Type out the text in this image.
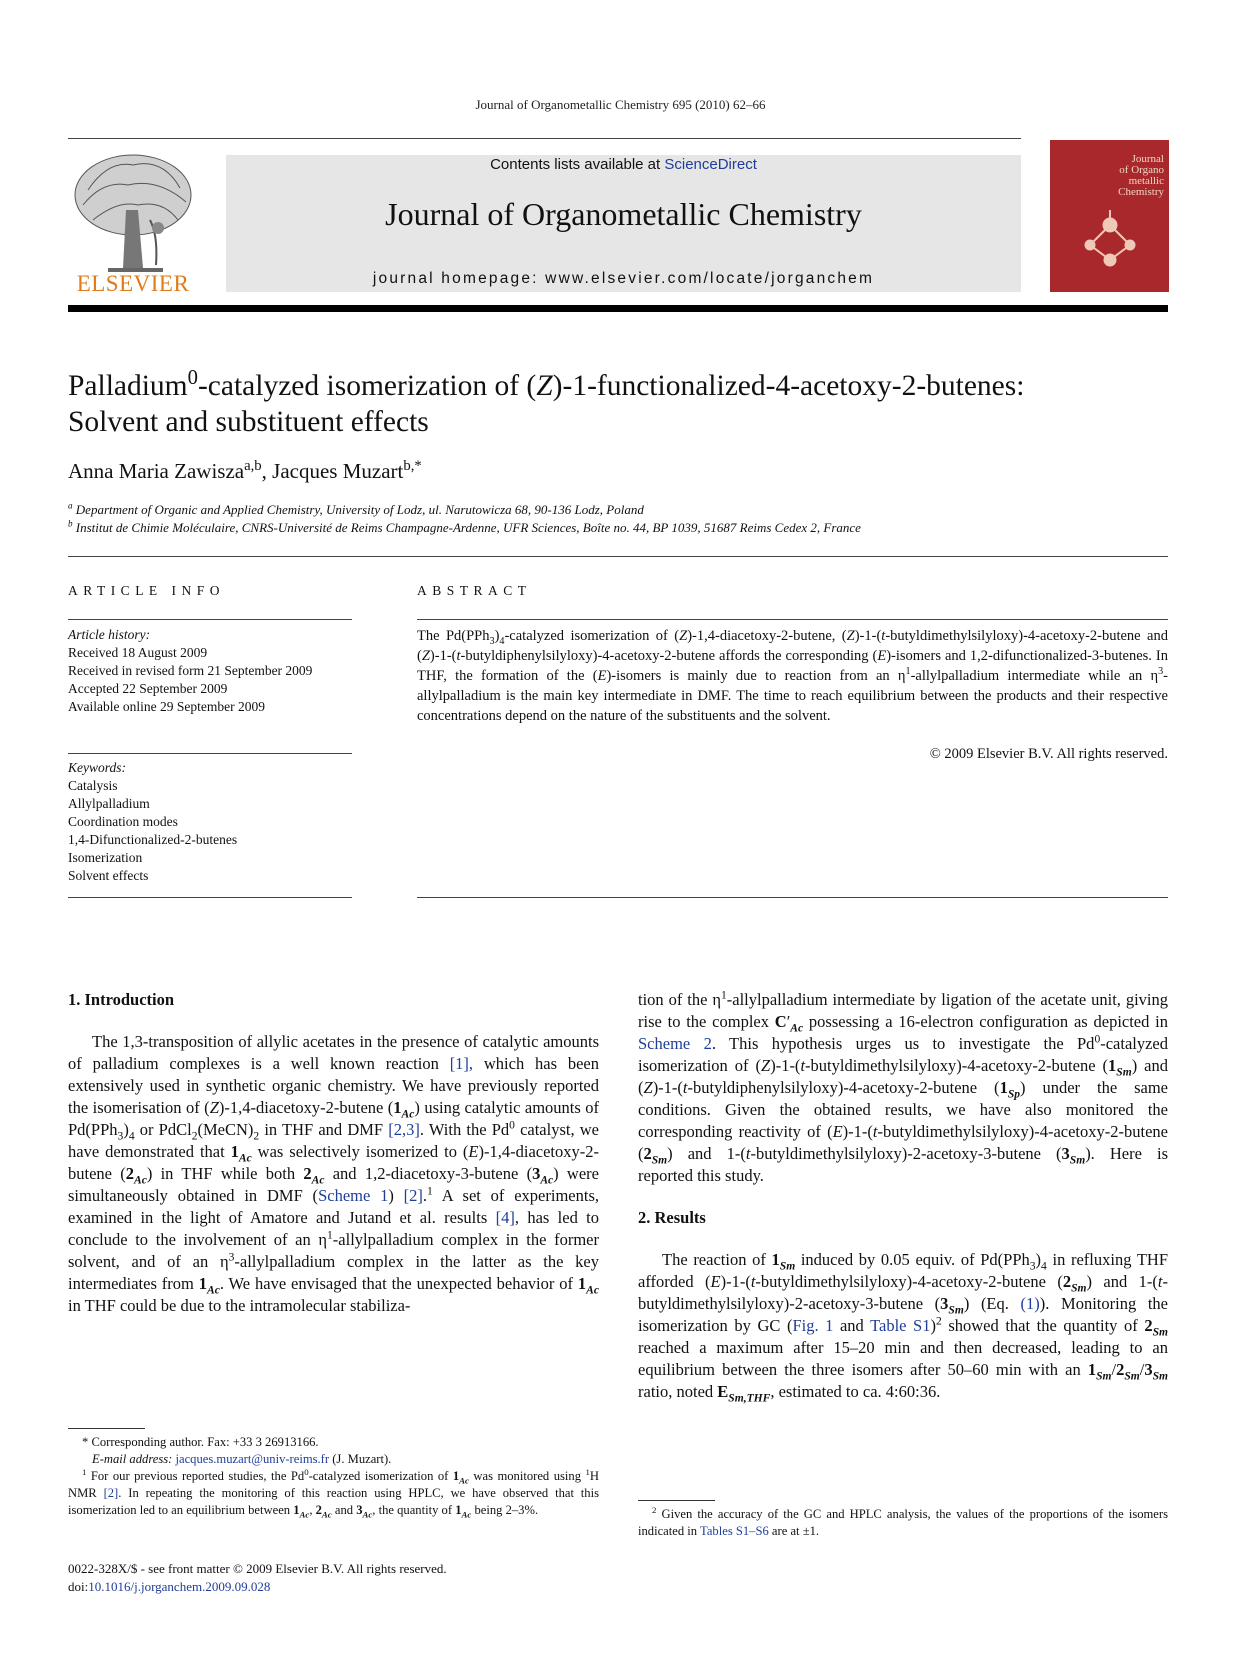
Journal of Organometallic Chemistry 695 (2010) 62–66
ELSEVIER
Contents lists available at ScienceDirect
Journal of Organometallic Chemistry
journal homepage: www.elsevier.com/locate/jorganchem
Journal
of Organo
metallic
Chemistry
Palladium$^0$-catalyzed isomerization of (Z)-1-functionalized-4-acetoxy-2-butenes:
Solvent and substituent effects
Anna Maria Zawisza$^{a,b}$, Jacques Muzart$^{b,*}$
$^a$ Department of Organic and Applied Chemistry, University of Lodz, ul. Narutowicza 68, 90-136 Lodz, Poland
$^b$ Institut de Chimie Moléculaire, CNRS-Université de Reims Champagne-Ardenne, UFR Sciences, Boîte no. 44, BP 1039, 51687 Reims Cedex 2, France
ARTICLE INFO	ABSTRACT
Article history:
Received 18 August 2009
Received in revised form 21 September 2009
Accepted 22 September 2009
Available online 29 September 2009
Keywords:
Catalysis
Allylpalladium
Coordination modes
1,4-Difunctionalized-2-butenes
Isomerization
Solvent effects
The $Pd(PPh_3)_4$-catalyzed isomerization of (Z)-1,4-diacetoxy-2-butene, (Z)-1-(t-butyldimethylsilyloxy)-4-acetoxy-2-butene and (Z)-1-(t-butyldiphenylsilyloxy)-4-acetoxy-2-butene affords the corresponding (E)-isomers and 1,2-difunctionalized-3-butenes. In THF, the formation of the (E)-isomers is mainly due to reaction from an $\eta^1$-allylpalladium intermediate while an $\eta^3$-allylpalladium is the main key intermediate in DMF. The time to reach equilibrium between the products and their respective concentrations depend on the nature of the substituents and the solvent.
© 2009 Elsevier B.V. All rights reserved.

1. Introduction

The 1,3-transposition of allylic acetates in the presence of catalytic amounts of palladium complexes is a well known reaction [1], which has been extensively used in synthetic organic chemistry. We have previously reported the isomerisation of (Z)-1,4-diacetoxy-2-butene $(1_{Ac})$ using catalytic amounts of $Pd(PPh_3)_4$ or $PdCl_2(MeCN)_2$ in THF and DMF [2,3]. With the Pd$^0$ catalyst, we have demonstrated that $1_{Ac}$ was selectively isomerized to (E)-1,4-diacetoxy-2-butene $(2_{Ac})$ in THF while both $2_{Ac}$ and 1,2-diacetoxy-3-butene $(3_{Ac})$ were simultaneously obtained in DMF (Scheme 1) [2].$^1$ A set of experiments, examined in the light of Amatore and Jutand et al. results [4], has led to conclude to the involvement of an $\eta^1$-allylpalladium complex in the former solvent, and of an $\eta^3$-allylpalladium complex in the latter as the key intermediates from $1_{Ac}$. We have envisaged that the unexpected behavior of $1_{Ac}$ in THF could be due to the intramolecular stabiliza-

tion of the $\eta^1$-allylpalladium intermediate by ligation of the acetate unit, giving rise to the complex $C'_{Ac}$ possessing a 16-electron configuration as depicted in Scheme 2. This hypothesis urges us to investigate the Pd$^0$-catalyzed isomerization of (Z)-1-(t-butyldimethylsilyloxy)-4-acetoxy-2-butene $(1_{Sm})$ and (Z)-1-(t-butyldiphenylsilyloxy)-4-acetoxy-2-butene $(1_{Sp})$ under the same conditions. Given the obtained results, we have also monitored the corresponding reactivity of (E)-1-(t-butyldimethylsilyloxy)-4-acetoxy-2-butene $(2_{Sm})$ and 1-(t-butyldimethylsilyloxy)-2-acetoxy-3-butene $(3_{Sm})$. Here is reported this study.

2. Results

The reaction of $1_{Sm}$ induced by 0.05 equiv. of $Pd(PPh_3)_4$ in refluxing THF afforded (E)-1-(t-butyldimethylsilyloxy)-4-acetoxy-2-butene $(2_{Sm})$ and 1-(t-butyldimethylsilyloxy)-2-acetoxy-3-butene $(3_{Sm})$ (Eq. (1)). Monitoring the isomerization by GC (Fig. 1 and Table S1)$^2$ showed that the quantity of $2_{Sm}$ reached a maximum after 15–20 min and then decreased, leading to an equilibrium between the three isomers after 50–60 min with an $1_{Sm}/2_{Sm}/3_{Sm}$ ratio, noted $E_{Sm,THF}$, estimated to ca. 4:60:36.

* Corresponding author. Fax: +33 3 26913166.
E-mail address: jacques.muzart@univ-reims.fr (J. Muzart).
$^1$ For our previous reported studies, the Pd$^0$-catalyzed isomerization of $1_{Ac}$ was monitored using $^1$H NMR [2]. In repeating the monitoring of this reaction using HPLC, we have observed that this isomerization led to an equilibrium between $1_{Ac}$, $2_{Ac}$ and $3_{Ac}$, the quantity of $1_{Ac}$ being 2–3%.	$^2$ Given the accuracy of the GC and HPLC analysis, the values of the proportions of the isomers indicated in Tables S1–S6 are at ±1.
0022-328X/$ - see front matter © 2009 Elsevier B.V. All rights reserved.
doi:10.1016/j.jorganchem.2009.09.028
